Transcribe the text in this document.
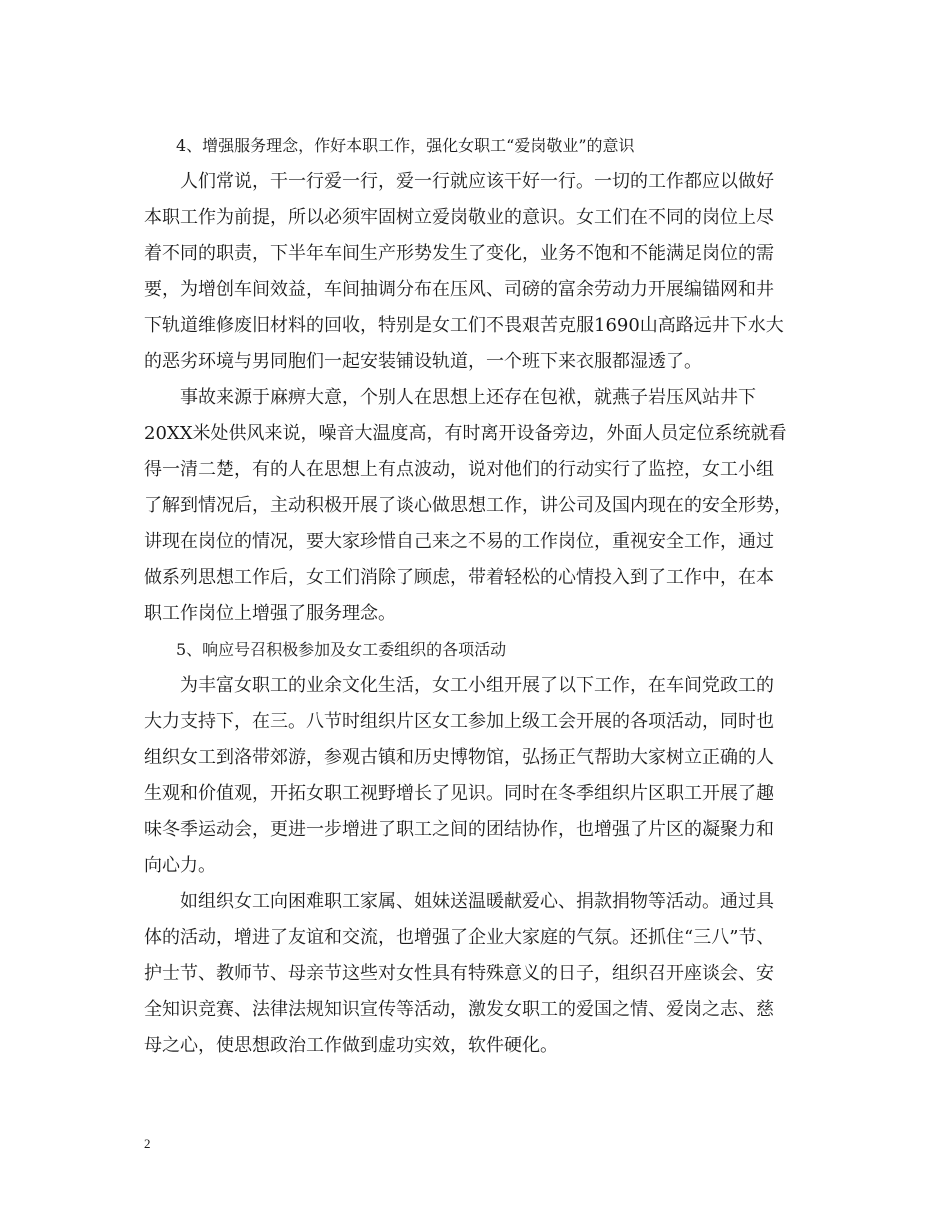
4、增强服务理念，作好本职工作，强化女职工“爱岗敬业”的意识
人们常说，干一行爱一行，爱一行就应该干好一行。一切的工作都应以做好
本职工作为前提，所以必须牢固树立爱岗敬业的意识。女工们在不同的岗位上尽
着不同的职责，下半年车间生产形势发生了变化，业务不饱和不能满足岗位的需
要，为增创车间效益，车间抽调分布在压风、司磅的富余劳动力开展编锚网和井
下轨道维修废旧材料的回收，特别是女工们不畏艰苦克服1690山高路远井下水大
的恶劣环境与男同胞们一起安装铺设轨道，一个班下来衣服都湿透了。
事故来源于麻痹大意，个别人在思想上还存在包袱，就燕子岩压风站井下
20XX米处供风来说，噪音大温度高，有时离开设备旁边，外面人员定位系统就看
得一清二楚，有的人在思想上有点波动，说对他们的行动实行了监控，女工小组
了解到情况后，主动积极开展了谈心做思想工作，讲公司及国内现在的安全形势，
讲现在岗位的情况，要大家珍惜自己来之不易的工作岗位，重视安全工作，通过
做系列思想工作后，女工们消除了顾虑，带着轻松的心情投入到了工作中，在本
职工作岗位上增强了服务理念。
5、响应号召积极参加及女工委组织的各项活动
为丰富女职工的业余文化生活，女工小组开展了以下工作，在车间党政工的
大力支持下，在三。八节时组织片区女工参加上级工会开展的各项活动，同时也
组织女工到洛带郊游，参观古镇和历史博物馆，弘扬正气帮助大家树立正确的人
生观和价值观，开拓女职工视野增长了见识。同时在冬季组织片区职工开展了趣
味冬季运动会，更进一步增进了职工之间的团结协作，也增强了片区的凝聚力和
向心力。
如组织女工向困难职工家属、姐妹送温暖献爱心、捐款捐物等活动。通过具
体的活动，增进了友谊和交流，也增强了企业大家庭的气氛。还抓住“三八”节、
护士节、教师节、母亲节这些对女性具有特殊意义的日子，组织召开座谈会、安
全知识竞赛、法律法规知识宣传等活动，激发女职工的爱国之情、爱岗之志、慈
母之心，使思想政治工作做到虚功实效，软件硬化。
2
